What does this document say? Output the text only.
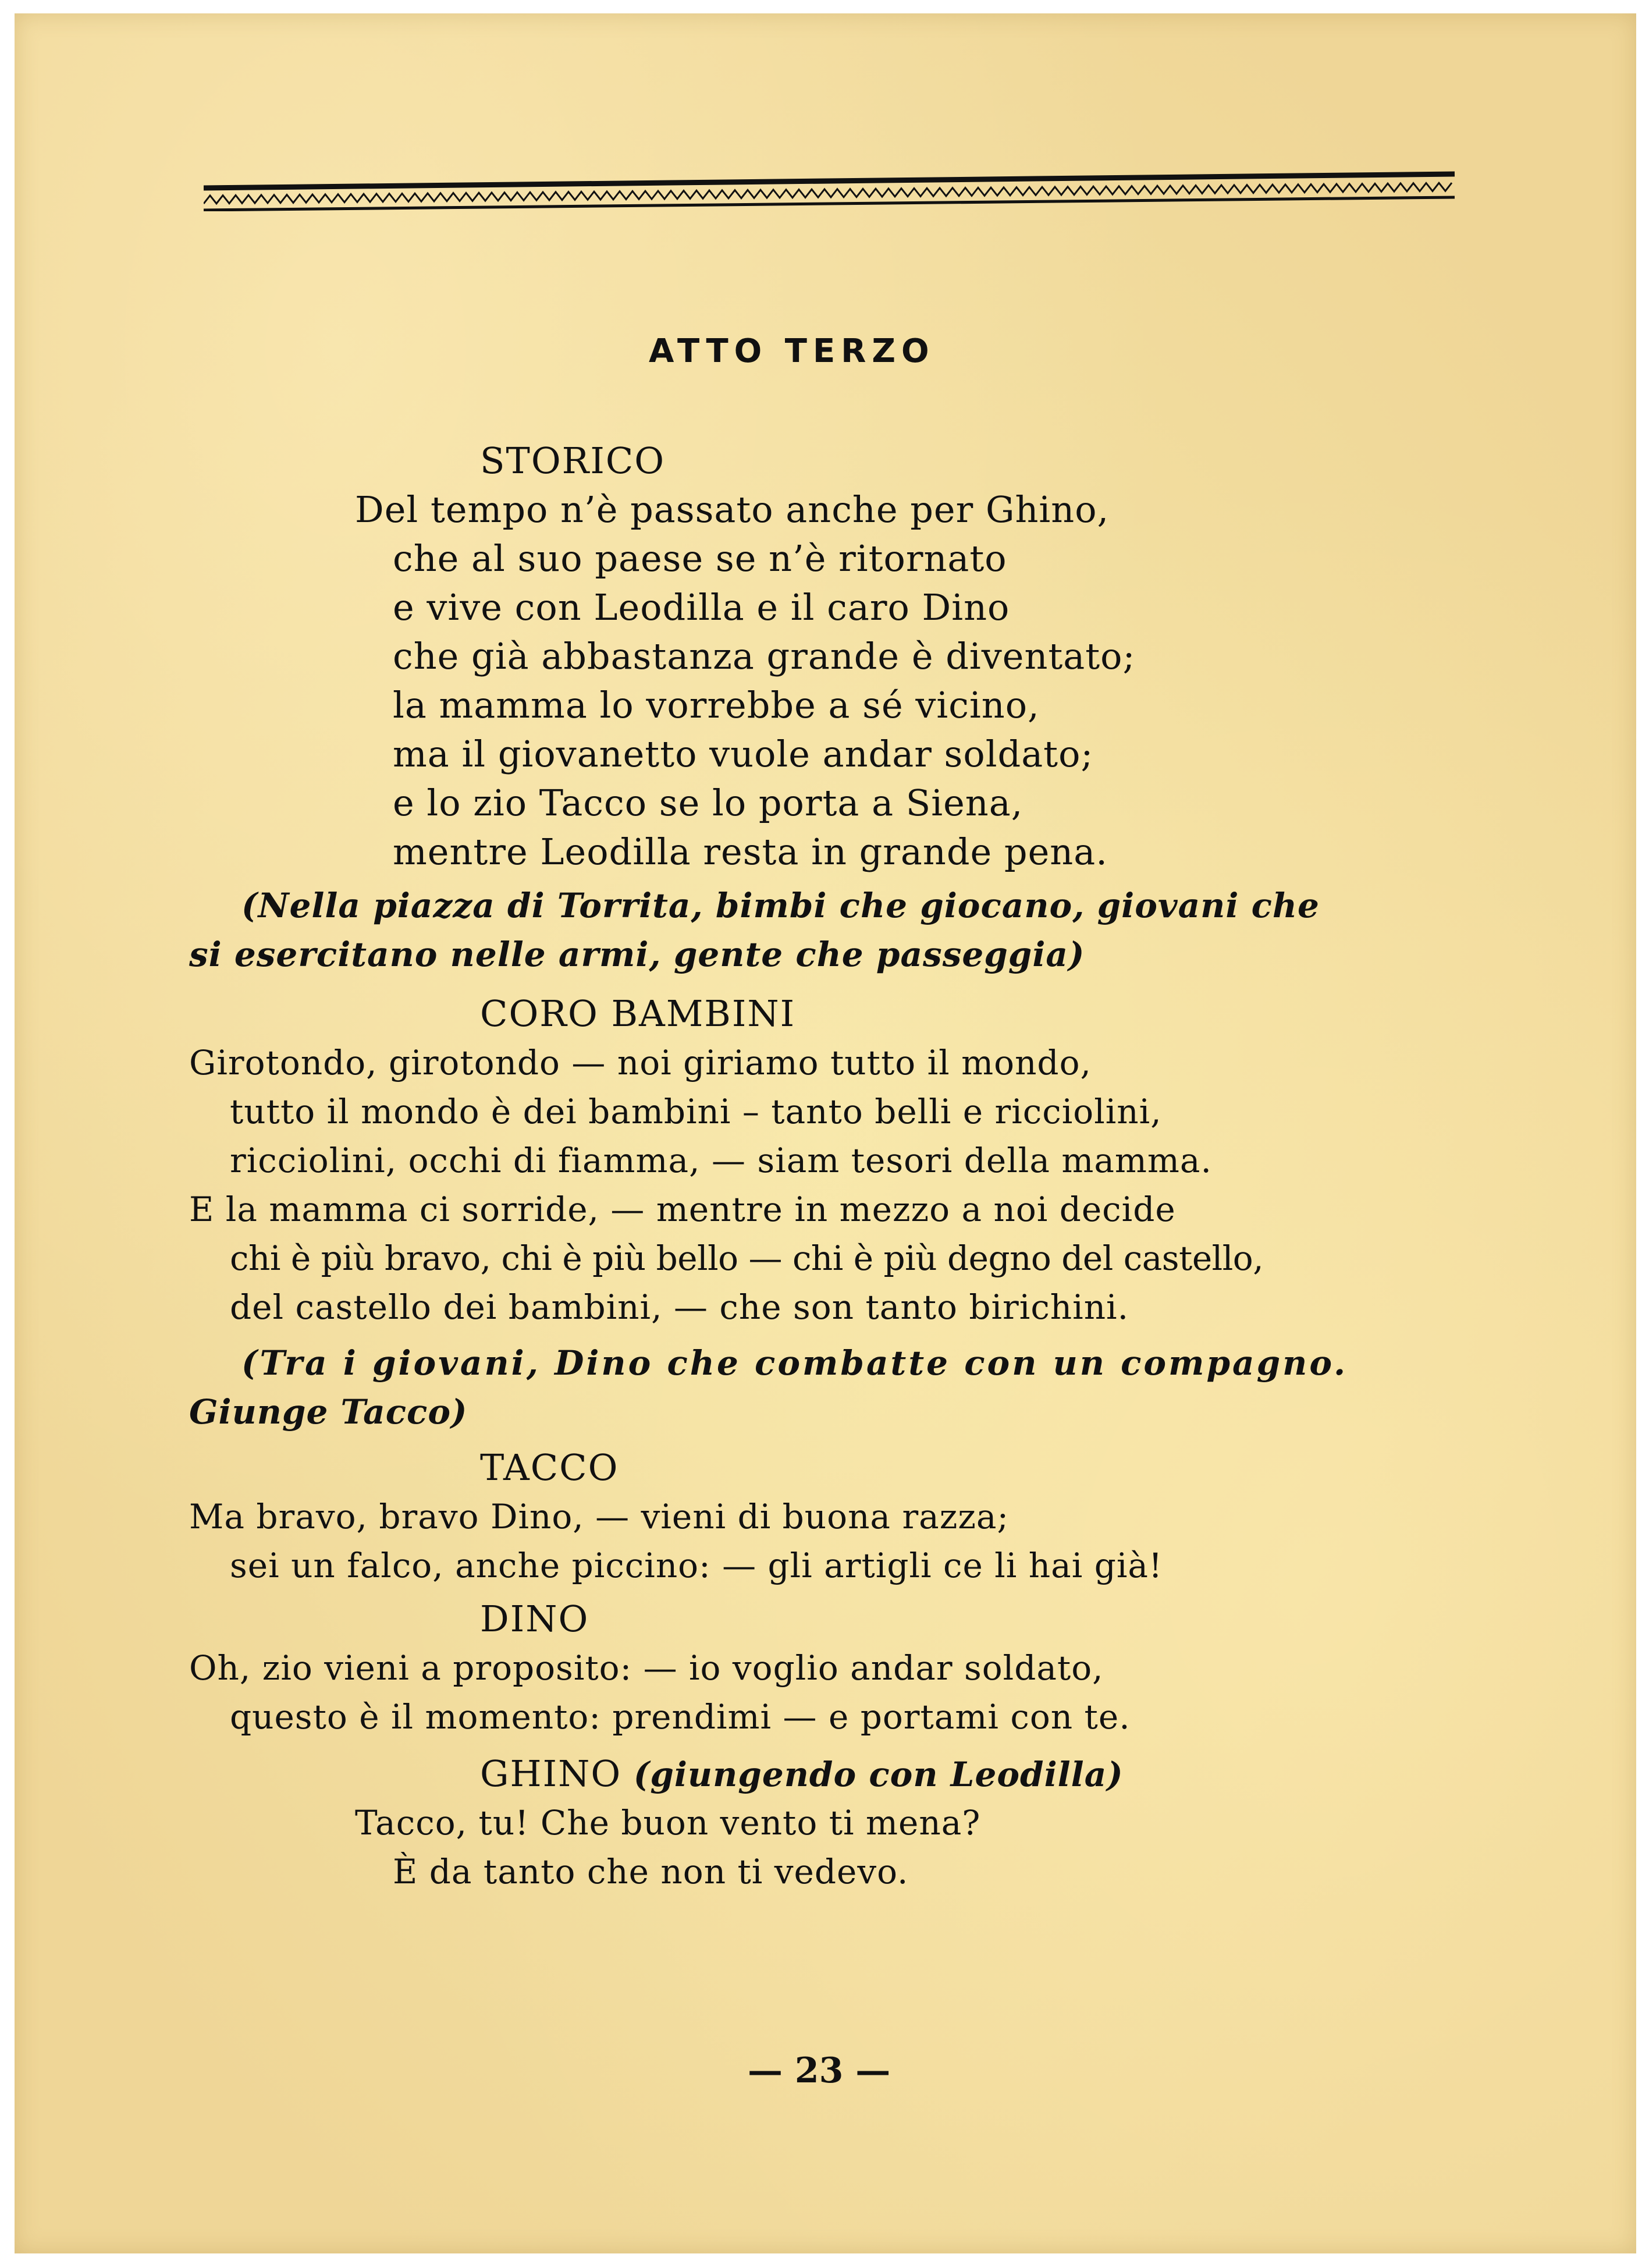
ATTO TERZO
STORICO
Del tempo n’è passato anche per Ghino,
che al suo paese se n’è ritornato
e vive con Leodilla e il caro Dino
che già abbastanza grande è diventato;
la mamma lo vorrebbe a sé vicino,
ma il giovanetto vuole andar soldato;
e lo zio Tacco se lo porta a Siena,
mentre Leodilla resta in grande pena.
(Nella piazza di Torrita, bimbi che giocano, giovani che
si esercitano nelle armi, gente che passeggia)
CORO BAMBINI
Girotondo, girotondo — noi giriamo tutto il mondo,
tutto il mondo è dei bambini – tanto belli e ricciolini,
ricciolini, occhi di fiamma, — siam tesori della mamma.
E la mamma ci sorride, — mentre in mezzo a noi decide
chi è più bravo, chi è più bello — chi è più degno del castello,
del castello dei bambini, — che son tanto birichini.
(Tra i giovani, Dino che combatte con un compagno.
Giunge Tacco)
TACCO
Ma bravo, bravo Dino, — vieni di buona razza;
sei un falco, anche piccino: — gli artigli ce li hai già!
DINO
Oh, zio vieni a proposito: — io voglio andar soldato,
questo è il momento: prendimi — e portami con te.
GHINO (giungendo con Leodilla)
Tacco, tu! Che buon vento ti mena?
È da tanto che non ti vedevo.
— 23 —
